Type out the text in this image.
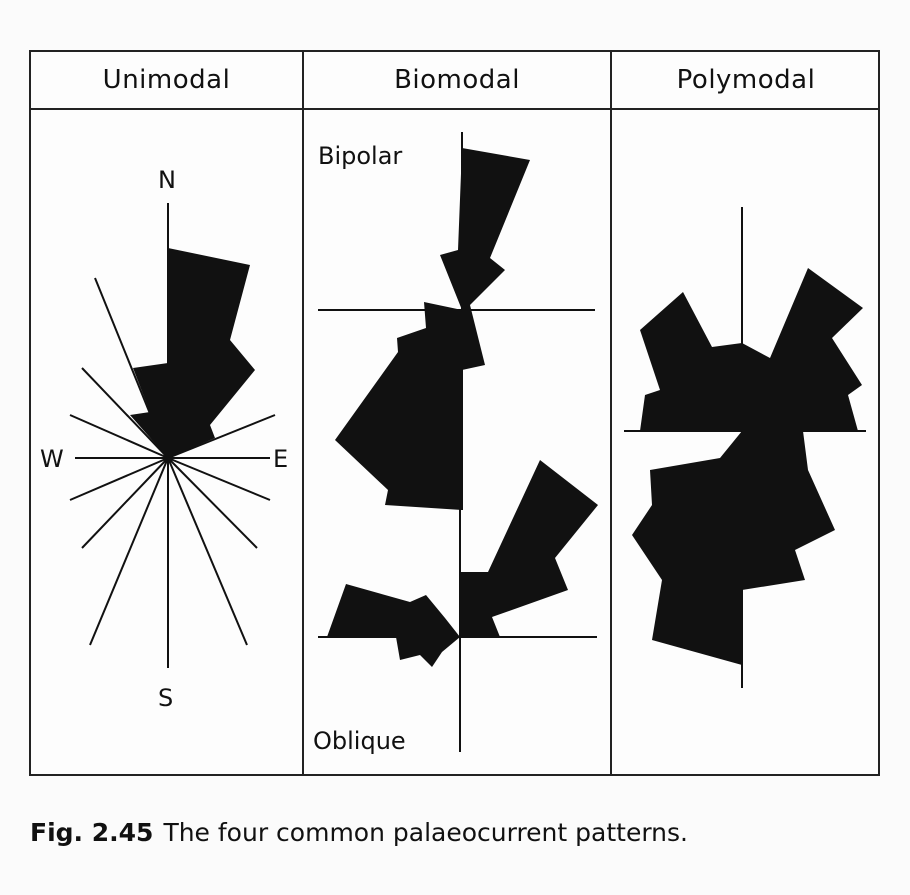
Unimodal	Biomodal	Polymodal
N
W	E
S
Bipolar
Oblique
Fig. 2.45 The four common palaeocurrent patterns.
